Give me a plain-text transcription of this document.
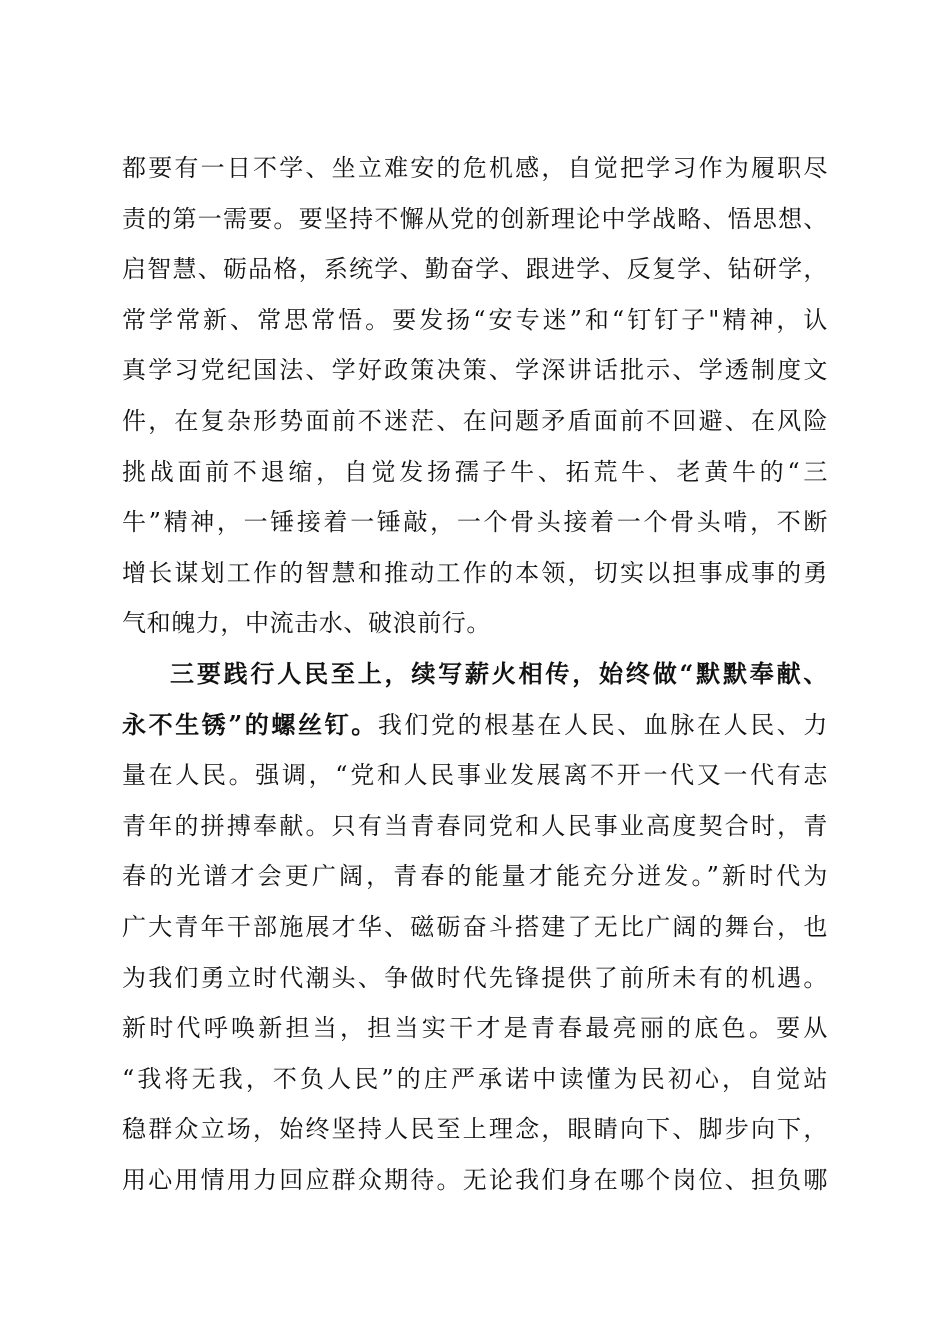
都要有一日不学、坐立难安的危机感，自觉把学习作为履职尽
责的第一需要。要坚持不懈从党的创新理论中学战略、悟思想、
启智慧、砺品格，系统学、勤奋学、跟进学、反复学、钻研学，
常学常新、常思常悟。要发扬“安专迷”和“钉钉子"精神，认
真学习党纪国法、学好政策决策、学深讲话批示、学透制度文
件，在复杂形势面前不迷茫、在问题矛盾面前不回避、在风险
挑战面前不退缩，自觉发扬孺子牛、拓荒牛、老黄牛的“三
牛”精神，一锤接着一锤敲，一个骨头接着一个骨头啃，不断
增长谋划工作的智慧和推动工作的本领，切实以担事成事的勇
气和魄力，中流击水、破浪前行。
三要践行人民至上，续写薪火相传，始终做“默默奉献、
永不生锈”的螺丝钉。我们党的根基在人民、血脉在人民、力
量在人民。强调，“党和人民事业发展离不开一代又一代有志
青年的拼搏奉献。只有当青春同党和人民事业高度契合时，青
春的光谱才会更广阔，青春的能量才能充分迸发。”新时代为
广大青年干部施展才华、磁砺奋斗搭建了无比广阔的舞台，也
为我们勇立时代潮头、争做时代先锋提供了前所未有的机遇。
新时代呼唤新担当，担当实干才是青春最亮丽的底色。要从
“我将无我，不负人民”的庄严承诺中读懂为民初心，自觉站
稳群众立场，始终坚持人民至上理念，眼睛向下、脚步向下，
用心用情用力回应群众期待。无论我们身在哪个岗位、担负哪
